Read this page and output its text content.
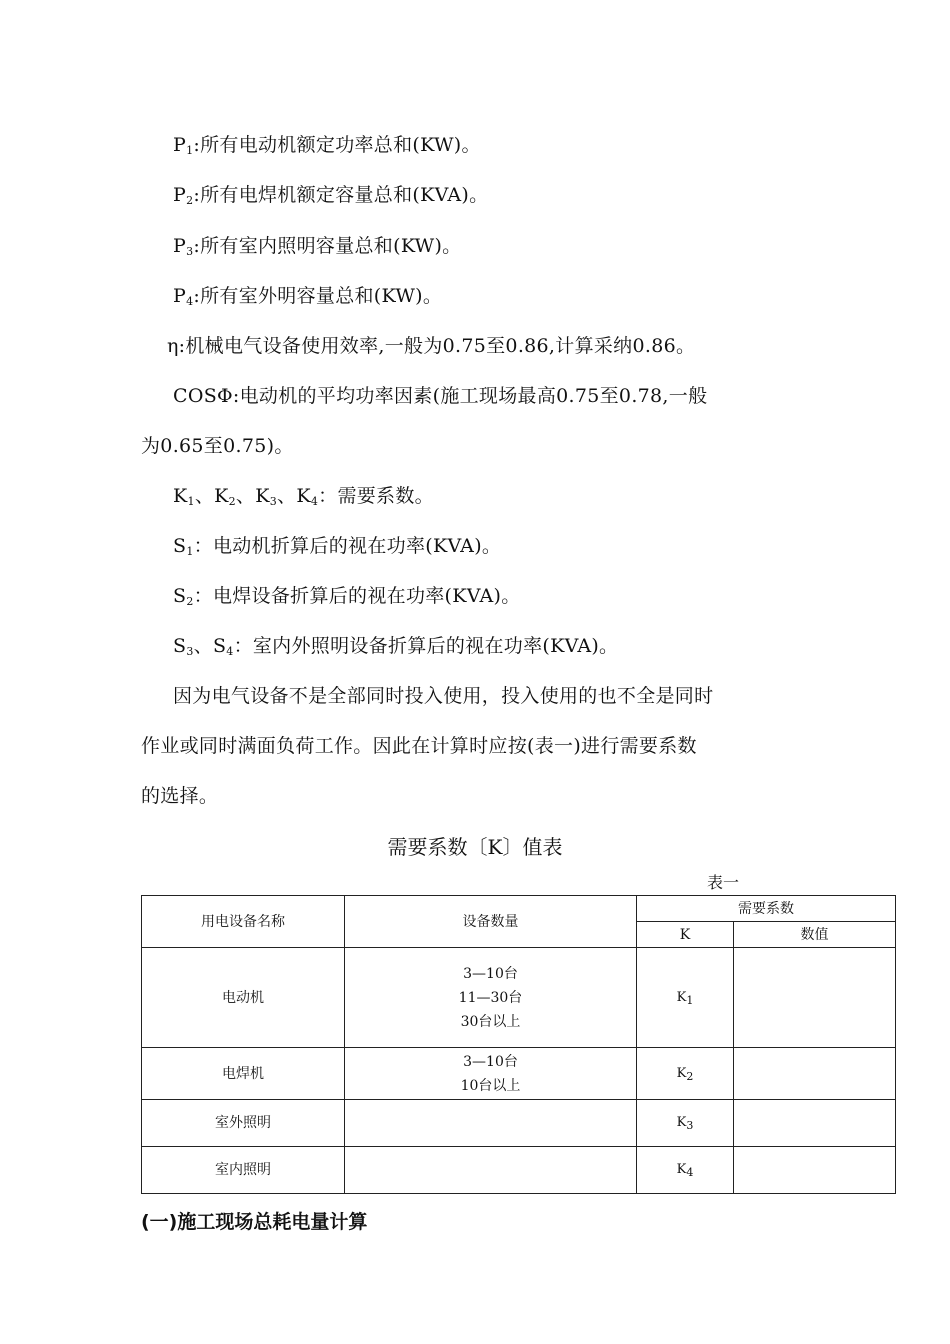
$P_1$:所有电动机额定功率总和(KW)。
$P_2$:所有电焊机额定容量总和(KVA)。
$P_3$:所有室内照明容量总和(KW)。
$P_4$:所有室外明容量总和(KW)。
η:机械电气设备使用效率,一般为0.75至0.86,计算采纳0.86。
COSΦ:电动机的平均功率因素(施工现场最高0.75至0.78,一般
为0.65至0.75)。
$K_1$、$K_2$、$K_3$、$K_4$：需要系数。
$S_1$：电动机折算后的视在功率(KVA)。
$S_2$：电焊设备折算后的视在功率(KVA)。
$S_3$、$S_4$：室内外照明设备折算后的视在功率(KVA)。
因为电气设备不是全部同时投入使用，投入使用的也不全是同时
作业或同时满面负荷工作。因此在计算时应按(表一)进行需要系数
的选择。
需要系数〔K〕值表
表一
用电设备名称	设备数量	需要系数	
		K	数值
电动机	3—10台
11—30台
30台以上	$K_1$	
电焊机	3—10台
10台以上	$K_2$	
室外照明		$K_3$	
室内照明		$K_4$	
(一)施工现场总耗电量计算
